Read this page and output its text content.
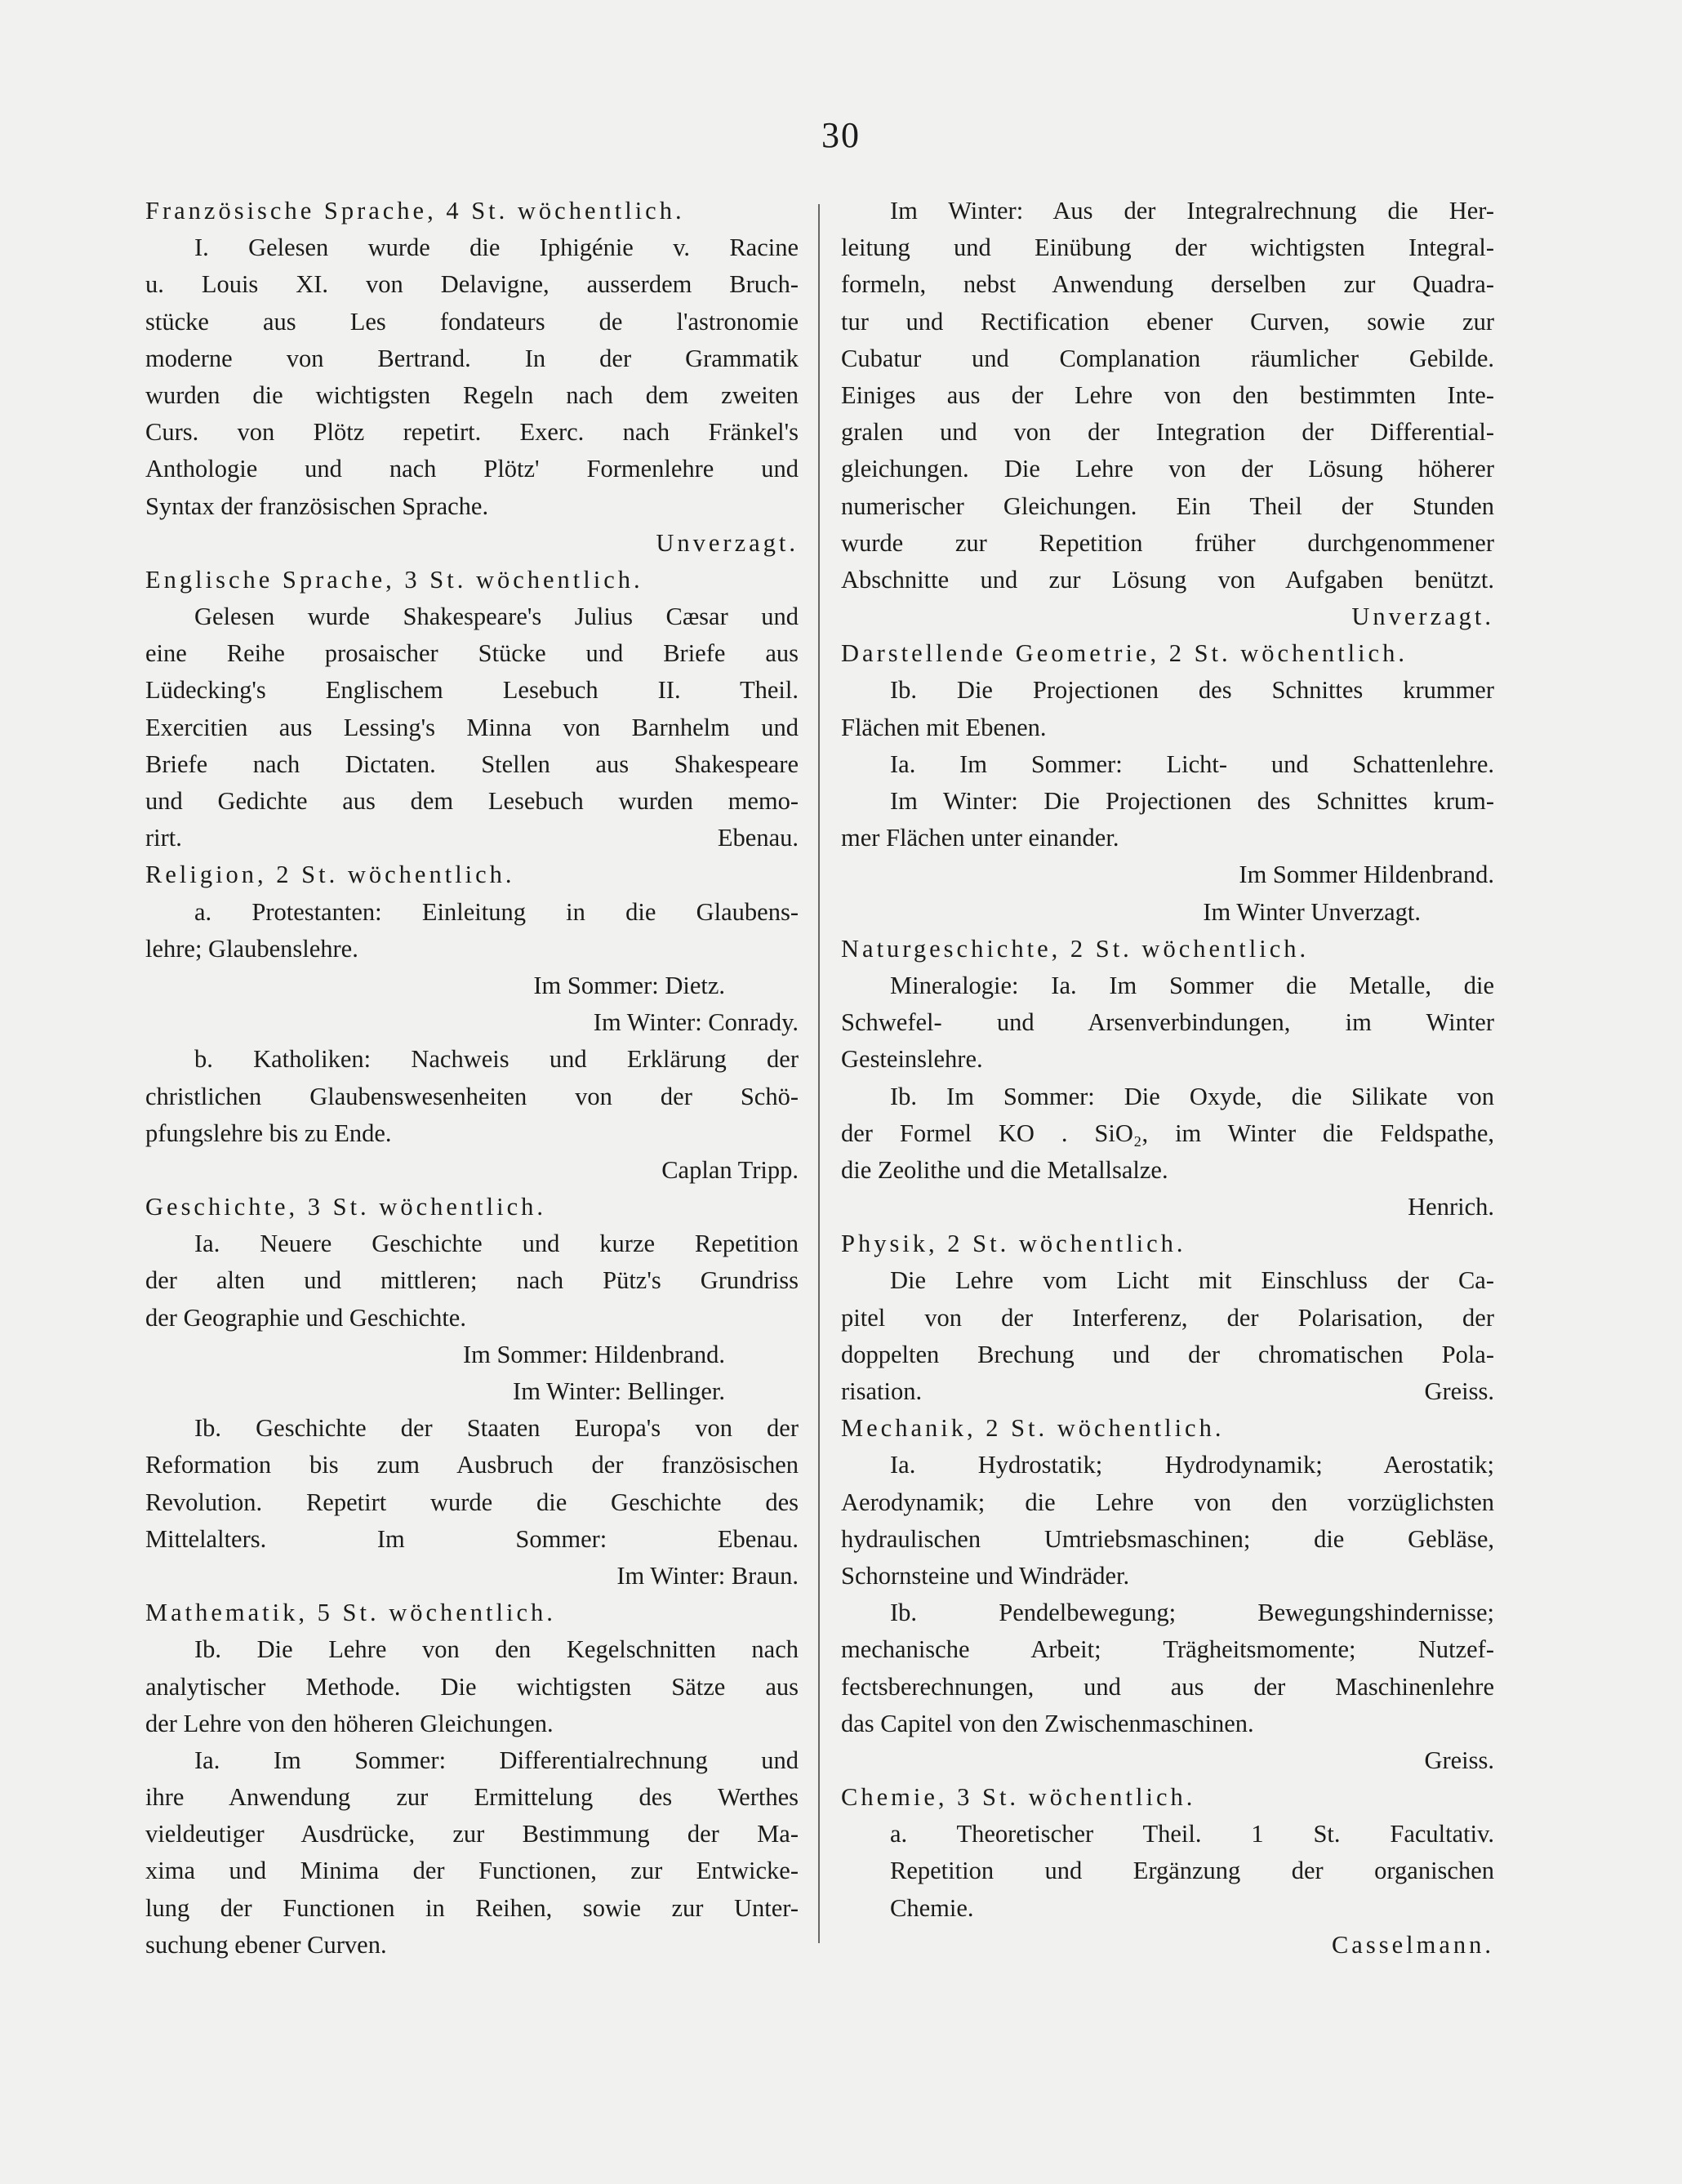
30
Französische Sprache, 4 St. wöchentlich.
I. Gelesen wurde die Iphigénie v. Racine
u. Louis XI. von Delavigne, ausserdem Bruch-
stücke aus Les fondateurs de l'astronomie
moderne von Bertrand. In der Grammatik
wurden die wichtigsten Regeln nach dem zweiten
Curs. von Plötz repetirt. Exerc. nach Fränkel's
Anthologie und nach Plötz' Formenlehre und
Syntax der französischen Sprache.
Unverzagt.
Englische Sprache, 3 St. wöchentlich.
Gelesen wurde Shakespeare's Julius Cæsar und
eine Reihe prosaischer Stücke und Briefe aus
Lüdecking's Englischem Lesebuch II. Theil.
Exercitien aus Lessing's Minna von Barnhelm und
Briefe nach Dictaten. Stellen aus Shakespeare
und Gedichte aus dem Lesebuch wurden memo-
rirt. Ebenau.
Religion, 2 St. wöchentlich.
a. Protestanten: Einleitung in die Glaubens-
lehre; Glaubenslehre.
Im Sommer: Dietz.
Im Winter: Conrady.
b. Katholiken: Nachweis und Erklärung der
christlichen Glaubenswesenheiten von der Schö-
pfungslehre bis zu Ende.
Caplan Tripp.
Geschichte, 3 St. wöchentlich.
Ia. Neuere Geschichte und kurze Repetition
der alten und mittleren; nach Pütz's Grundriss
der Geographie und Geschichte.
Im Sommer: Hildenbrand.
Im Winter: Bellinger.
Ib. Geschichte der Staaten Europa's von der
Reformation bis zum Ausbruch der französischen
Revolution. Repetirt wurde die Geschichte des
Mittelalters. Im Sommer: Ebenau.
Im Winter: Braun.
Mathematik, 5 St. wöchentlich.
Ib. Die Lehre von den Kegelschnitten nach
analytischer Methode. Die wichtigsten Sätze aus
der Lehre von den höheren Gleichungen.
Ia. Im Sommer: Differentialrechnung und
ihre Anwendung zur Ermittelung des Werthes
vieldeutiger Ausdrücke, zur Bestimmung der Ma-
xima und Minima der Functionen, zur Entwicke-
lung der Functionen in Reihen, sowie zur Unter-
suchung ebener Curven.
Im Winter: Aus der Integralrechnung die Her-
leitung und Einübung der wichtigsten Integral-
formeln, nebst Anwendung derselben zur Quadra-
tur und Rectification ebener Curven, sowie zur
Cubatur und Complanation räumlicher Gebilde.
Einiges aus der Lehre von den bestimmten Inte-
gralen und von der Integration der Differential-
gleichungen. Die Lehre von der Lösung höherer
numerischer Gleichungen. Ein Theil der Stunden
wurde zur Repetition früher durchgenommener
Abschnitte und zur Lösung von Aufgaben benützt.
Unverzagt.
Darstellende Geometrie, 2 St. wöchentlich.
Ib. Die Projectionen des Schnittes krummer
Flächen mit Ebenen.
Ia. Im Sommer: Licht- und Schattenlehre.
Im Winter: Die Projectionen des Schnittes krum-
mer Flächen unter einander.
Im Sommer Hildenbrand.
Im Winter Unverzagt.
Naturgeschichte, 2 St. wöchentlich.
Mineralogie: Ia. Im Sommer die Metalle, die
Schwefel- und Arsenverbindungen, im Winter
Gesteinslehre.
Ib. Im Sommer: Die Oxyde, die Silikate von
der Formel KO . SiO₂, im Winter die Feldspathe,
die Zeolithe und die Metallsalze.
Henrich.
Physik, 2 St. wöchentlich.
Die Lehre vom Licht mit Einschluss der Ca-
pitel von der Interferenz, der Polarisation, der
doppelten Brechung und der chromatischen Pola-
risation. Greiss.
Mechanik, 2 St. wöchentlich.
Ia. Hydrostatik; Hydrodynamik; Aerostatik;
Aerodynamik; die Lehre von den vorzüglichsten
hydraulischen Umtriebsmaschinen; die Gebläse,
Schornsteine und Windräder.
Ib. Pendelbewegung; Bewegungshindernisse;
mechanische Arbeit; Trägheitsmomente; Nutzef-
fectsberechnungen, und aus der Maschinenlehre
das Capitel von den Zwischenmaschinen.
Greiss.
Chemie, 3 St. wöchentlich.
a. Theoretischer Theil. 1 St. Facultativ.
Repetition und Ergänzung der organischen
Chemie.
Casselmann.
